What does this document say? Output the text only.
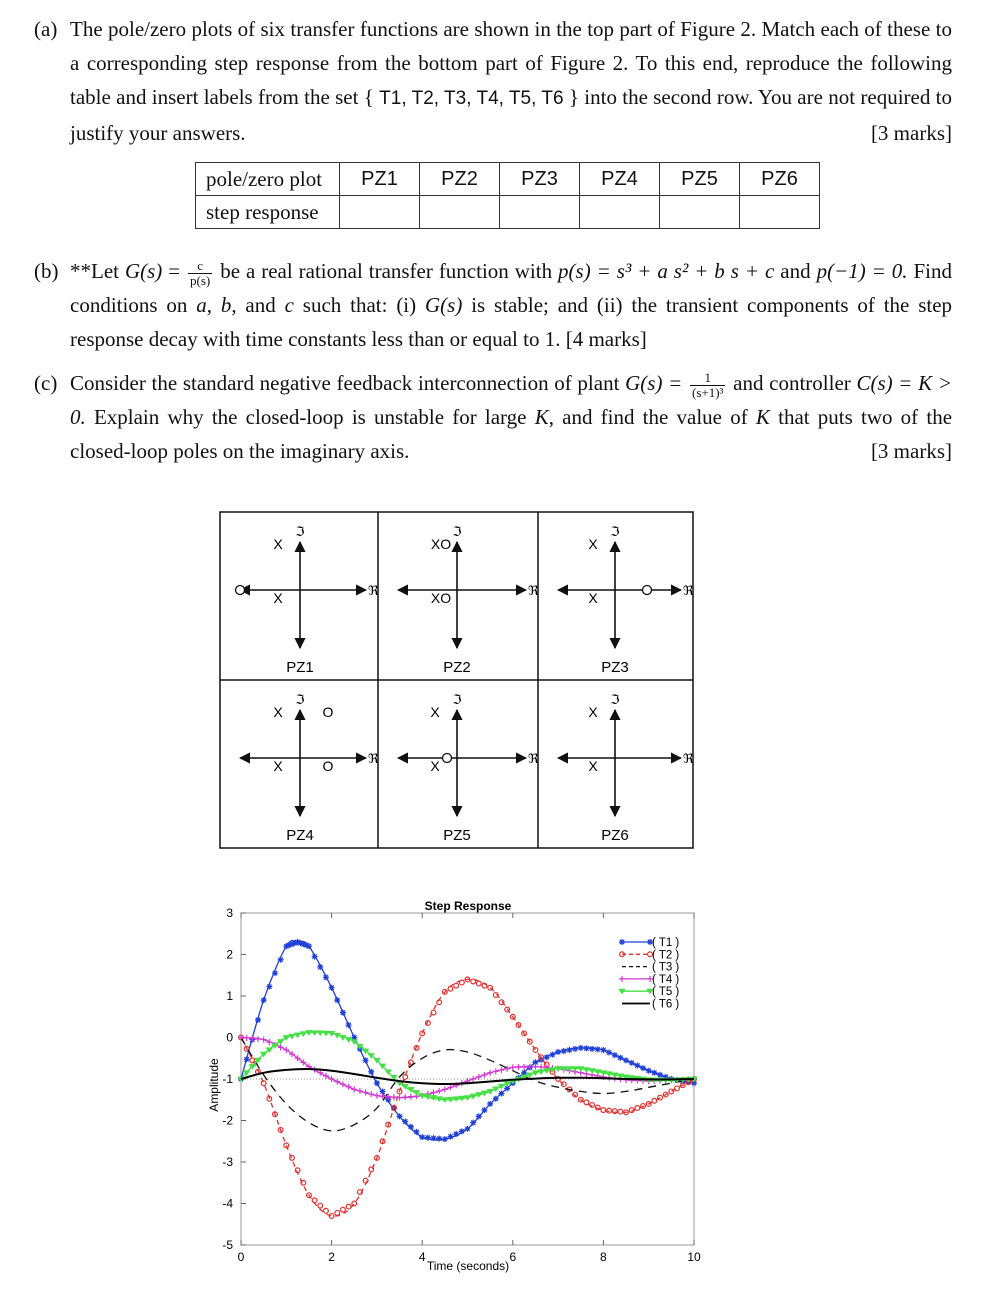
(a) The pole/zero plots of six transfer functions are shown in the top part of Figure 2. Match each of these to a corresponding step response from the bottom part of Figure 2. To this end, reproduce the following table and insert labels from the set { T1, T2, T3, T4, T5, T6 } into the second row. You are not required to justify your answers.	[3 marks]
pole/zero plot	PZ1	PZ2	PZ3	PZ4	PZ5	PZ6
step response						
(b) **Let $G(s) = \frac{c}{p(s)}$ be a real rational transfer function with p(s) = s³ + a s² + b s + c and p(−1) = 0. Find conditions on a, b, and c such that: (i) G(s) is stable; and (ii) the transient components of the step response decay with time constants less than or equal to 1. [4 marks]
(c) Consider the standard negative feedback interconnection of plant $G(s) = \frac{1}{\text{(s+1)³}}$ and controller C(s) = K > 0. Explain why the closed-loop is unstable for large K, and find the value of K that puts two of the closed-loop poles on the imaginary axis.	[3 marks]
ℑ
ℜ
X
X
PZ1
ℑ
ℜ
XO
XO
PZ2
ℑ
ℜ
X
X
PZ3
ℑ
ℜ
X	O
X	O
PZ4
ℑ
ℜ
X
X
PZ5
ℑ
ℜ
X
X
PZ6
Step Response
Amplitude
Time (seconds)
3
2
1
0
-1
-2
-3
-4
-5
0	2	4	6	8	10
( T1 )
( T2 )
( T3 )
( T4 )
( T5 )
( T6 )
